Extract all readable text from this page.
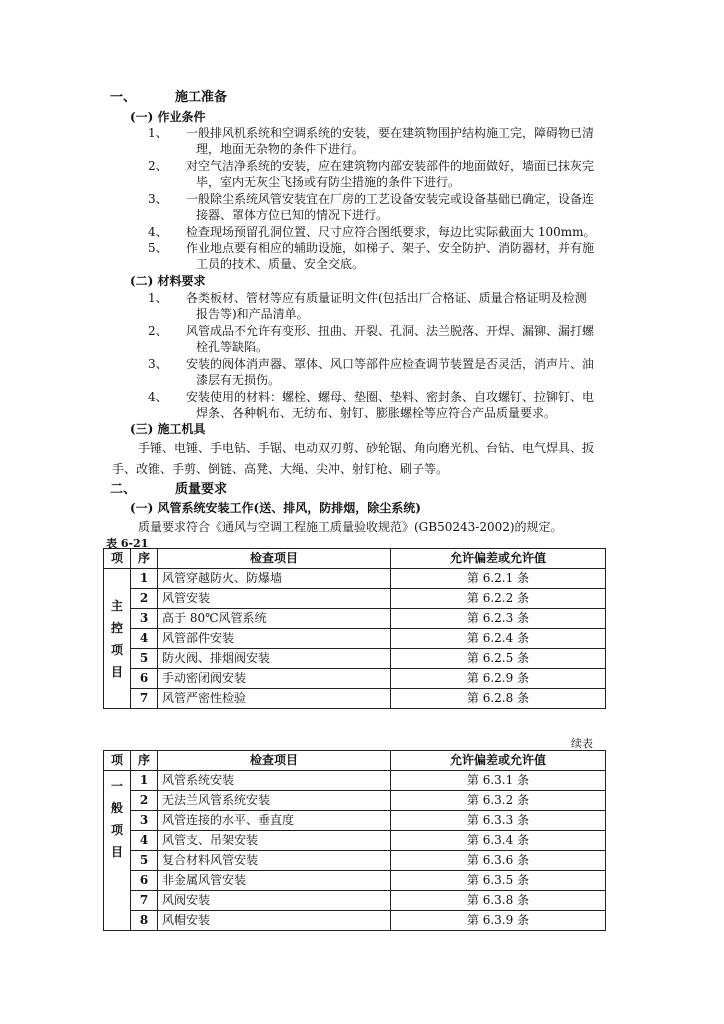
一、	施工准备
(一) 作业条件
1、 一般排风机系统和空调系统的安装，要在建筑物围护结构施工完，障碍物已清
理，地面无杂物的条件下进行。
2、 对空气洁净系统的安装，应在建筑物内部安装部件的地面做好，墙面已抹灰完
毕，室内无灰尘飞扬或有防尘措施的条件下进行。
3、 一般除尘系统风管安装宜在厂房的工艺设备安装完或设备基础已确定，设备连
接器、罩体方位已知的情况下进行。
4、 检查现场预留孔洞位置、尺寸应符合图纸要求，每边比实际截面大 100mm。
5、 作业地点要有相应的辅助设施，如梯子、架子、安全防护、消防器材，并有施
工员的技术、质量、安全交底。
(二) 材料要求
1、 各类板材、管材等应有质量证明文件(包括出厂合格证、质量合格证明及检测
报告等)和产品清单。
2、 风管成品不允许有变形、扭曲、开裂、孔洞、法兰脱落、开焊、漏铆、漏打螺
栓孔等缺陷。
3、 安装的阀体消声器、罩体、风口等部件应检查调节装置是否灵活，消声片、油
漆层有无损伤。
4、 安装使用的材料：螺栓、螺母、垫圈、垫料、密封条、自攻螺钉、拉铆钉、电
焊条、各种帆布、无纺布、射钉、膨胀螺栓等应符合产品质量要求。
(三) 施工机具
手锤、电锤、手电钻、手锯、电动双刃剪、砂轮锯、角向磨光机、台钻、电气焊具、扳
手、改锥、手剪、倒链、高凳、大绳、尖冲、射钉枪、刷子等。
二、	质量要求
(一) 风管系统安装工作(送、排风，防排烟，除尘系统)
质量要求符合《通风与空调工程施工质量验收规范》(GB50243-2002)的规定。
表 6-21
项	序	检查项目	允许偏差或允许值

主
控
项
目	1	风管穿越防火、防爆墙	第 6.2.1 条
	2	风管安装	第 6.2.2 条
	3	高于 80℃风管系统	第 6.2.3 条
	4	风管部件安装	第 6.2.4 条
	5	防火阀、排烟阀安装	第 6.2.5 条
	6	手动密闭阀安装	第 6.2.9 条
	7	风管严密性检验	第 6.2.8 条
续表
项	序	检查项目	允许偏差或允许值

一
般
项
目	1	风管系统安装	第 6.3.1 条
	2	无法兰风管系统安装	第 6.3.2 条
	3	风管连接的水平、垂直度	第 6.3.3 条
	4	风管支、吊架安装	第 6.3.4 条
	5	复合材料风管安装	第 6.3.6 条
	6	非金属风管安装	第 6.3.5 条
	7	风阀安装	第 6.3.8 条
	8	风帽安装	第 6.3.9 条
